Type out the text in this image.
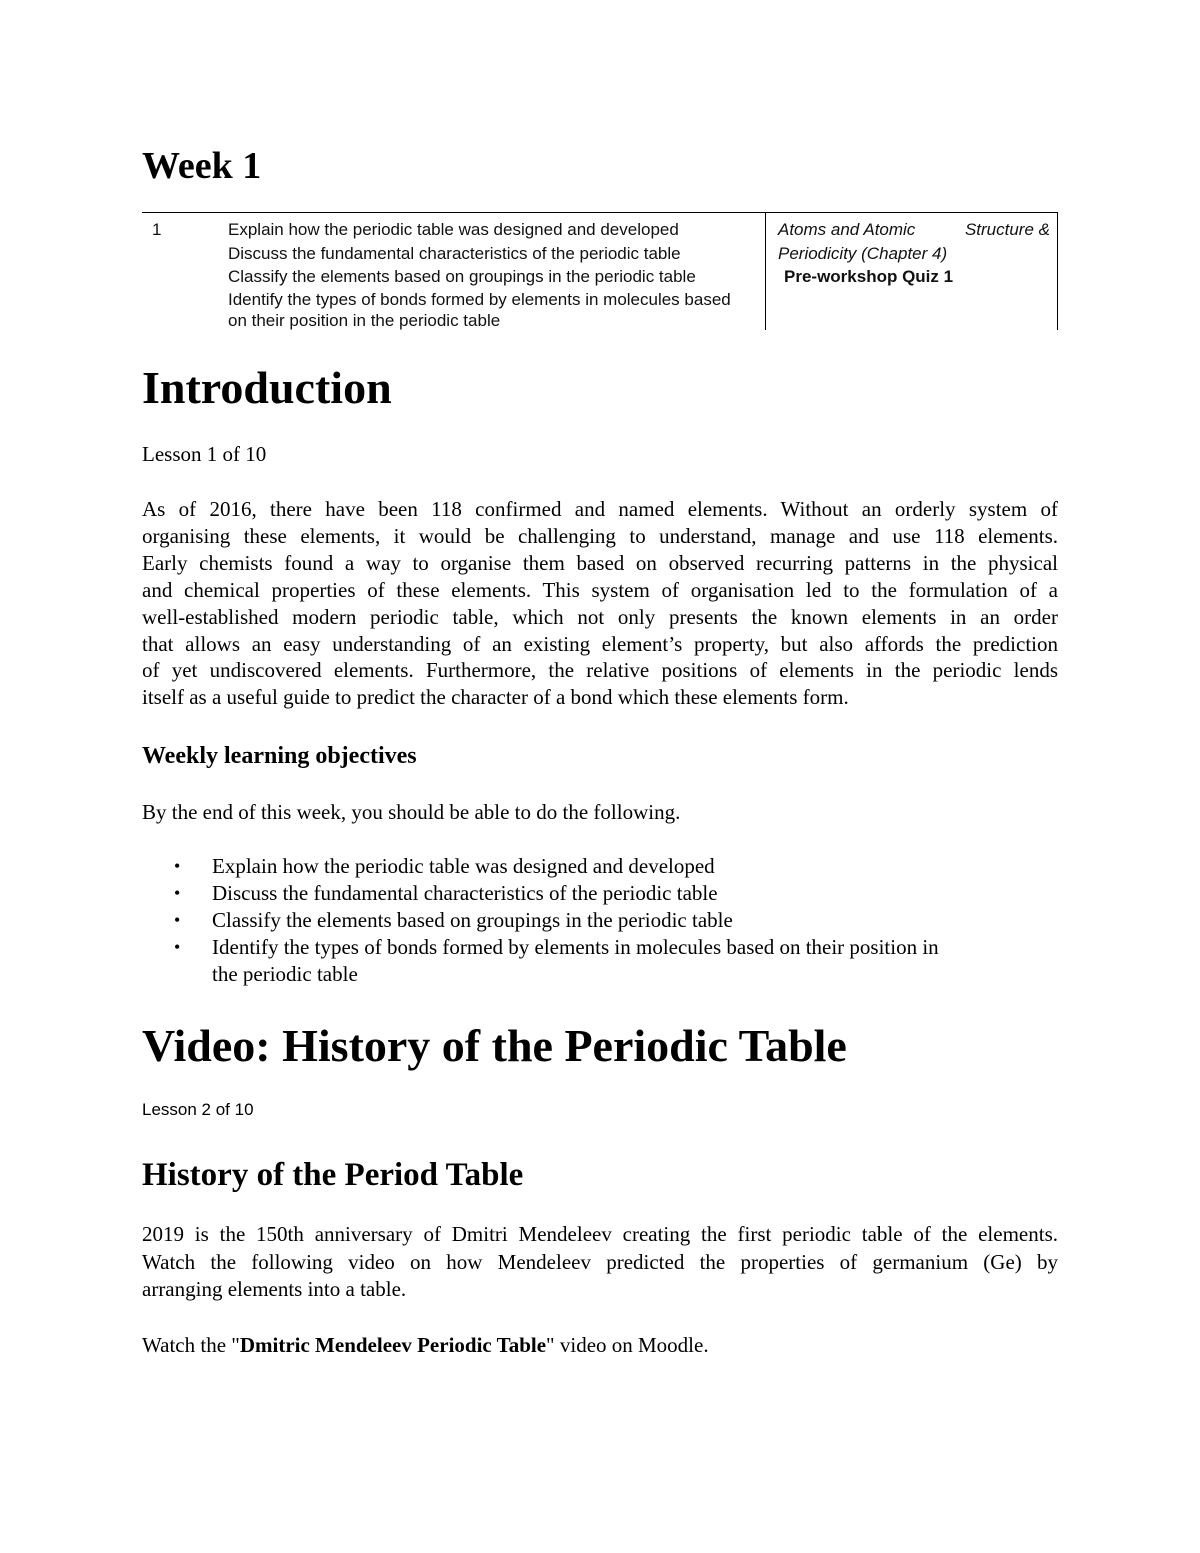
Week 1
1	Explain how the periodic table was designed and developed
Discuss the fundamental characteristics of the periodic table
Classify the elements based on groupings in the periodic table
Identify the types of bonds formed by elements in molecules based
on their position in the periodic table
Atoms and Atomic	Structure &
Periodicity (Chapter 4)
Pre-workshop Quiz 1
Introduction
Lesson 1 of 10
As of 2016, there have been 118 confirmed and named elements. Without an orderly system of
organising these elements, it would be challenging to understand, manage and use 118 elements.
Early chemists found a way to organise them based on observed recurring patterns in the physical
and chemical properties of these elements. This system of organisation led to the formulation of a
well-established modern periodic table, which not only presents the known elements in an order
that allows an easy understanding of an existing element’s property, but also affords the prediction
of yet undiscovered elements. Furthermore, the relative positions of elements in the periodic lends
itself as a useful guide to predict the character of a bond which these elements form.
Weekly learning objectives
By the end of this week, you should be able to do the following.
• Explain how the periodic table was designed and developed
• Discuss the fundamental characteristics of the periodic table
• Classify the elements based on groupings in the periodic table
• Identify the types of bonds formed by elements in molecules based on their position in
the periodic table
Video: History of the Periodic Table
Lesson 2 of 10
History of the Period Table
2019 is the 150th anniversary of Dmitri Mendeleev creating the first periodic table of the elements.
Watch the following video on how Mendeleev predicted the properties of germanium (Ge) by
arranging elements into a table.
Watch the "Dmitric Mendeleev Periodic Table" video on Moodle.
